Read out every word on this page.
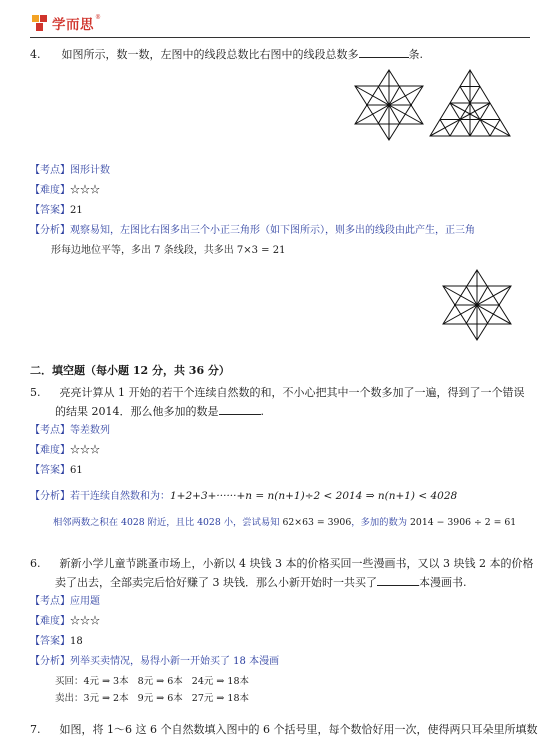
学而思 ®
4. 如图所示，数一数，左图中的线段总数比右图中的线段总数多	条.
【考点】图形计数
【难度】☆☆☆
【答案】21
【分析】观察易知，左图比右图多出三个小正三角形（如下图所示），则多出的线段由此产生，正三角
形每边地位平等，多出 7 条线段，共多出 7×3 = 21
二．填空题（每小题 12 分，共 36 分）
5. 亮亮计算从 1 开始的若干个连续自然数的和，不小心把其中一个数多加了一遍，得到了一个错误
的结果 2014．那么他多加的数是	.
【考点】等差数列
【难度】☆☆☆
【答案】61
【分析】若干连续自然数和为：1+2+3+······+n = n(n+1)÷2 < 2014 ⇒ n(n+1) < 4028
相邻两数之积在 4028 附近，且比 4028 小，尝试易知 62×63 = 3906，多加的数为 2014 − 3906 ÷ 2 = 61
6. 新新小学儿童节跳蚤市场上，小新以 4 块钱 3 本的价格买回一些漫画书，又以 3 块钱 2 本的价格
卖了出去，全部卖完后恰好赚了 3 块钱．那么小新开始时一共买了	本漫画书.
【考点】应用题
【难度】☆☆☆
【答案】18
【分析】列举买卖情况，易得小新一开始买了 18 本漫画
买回：4元 ⇒ 3本   8元 ⇒ 6本   24元 ⇒ 18本
卖出：3元 ⇒ 2本   9元 ⇒ 6本   27元 ⇒ 18本
7. 如图，将 1～6 这 6 个自然数填入图中的 6 个括号里，每个数恰好用一次，使得两只耳朵里所填数
